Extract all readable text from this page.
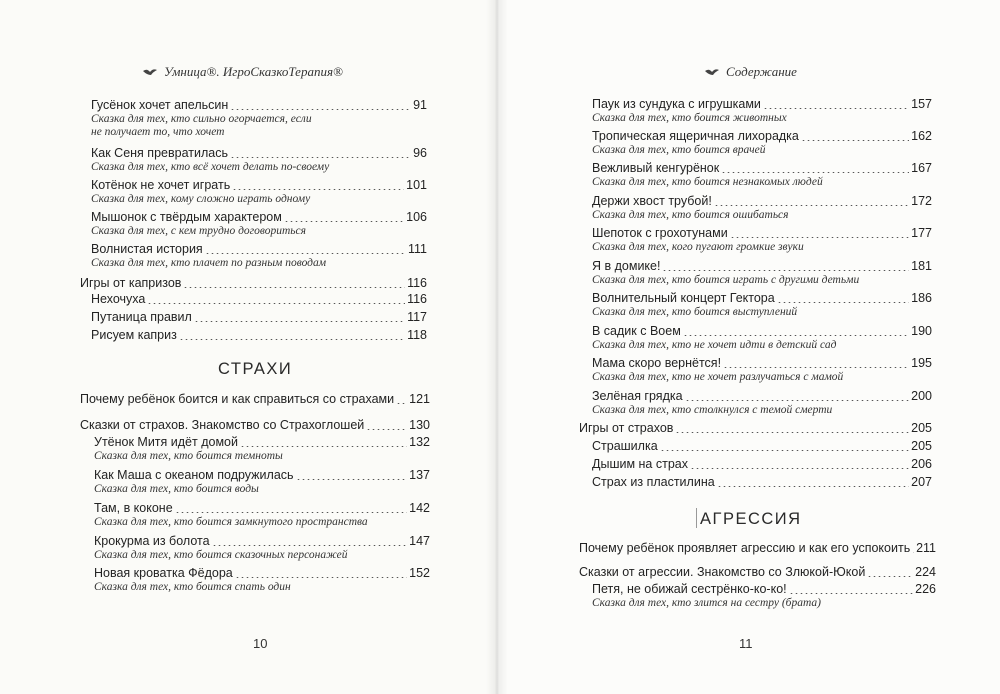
Умница®. ИгроСказкоТерапия®
Гусёнок хочет апельсин	91
Сказка для тех, кто сильно огорчается, если
не получает то, что хочет
Как Сеня превратилась	96
Сказка для тех, кто всё хочет делать по-своему
Котёнок не хочет играть	101
Сказка для тех, кому сложно играть одному
Мышонок с твёрдым характером	106
Сказка для тех, с кем трудно договориться
Волнистая история	111
Сказка для тех, кто плачет по разным поводам
Игры от капризов	116
Нехочуха	116
Путаница правил	117
Рисуем каприз	118
СТРАХИ
Почему ребёнок боится и как справиться со страхами 121
Сказки от страхов. Знакомство со Страхоглошей	130
Утёнок Митя идёт домой	132
Сказка для тех, кто боится темноты
Как Маша с океаном подружилась	137
Сказка для тех, кто боится воды
Там, в коконе	142
Сказка для тех, кто боится замкнутого пространства
Крокурма из болота	147
Сказка для тех, кто боится сказочных персонажей
Новая кроватка Фёдора	152
Сказка для тех, кто боится спать один
10
Содержание
Паук из сундука с игрушками	157
Сказка для тех, кто боится животных
Тропическая ящеричная лихорадка	162
Сказка для тех, кто боится врачей
Вежливый кенгурёнок	167
Сказка для тех, кто боится незнакомых людей
Держи хвост трубой!	172
Сказка для тех, кто боится ошибаться
Шепоток с грохотунами	177
Сказка для тех, кого пугают громкие звуки
Я в домике!	181
Сказка для тех, кто боится играть с другими детьми
Волнительный концерт Гектора	186
Сказка для тех, кто боится выступлений
В садик с Воем	190
Сказка для тех, кто не хочет идти в детский сад
Мама скоро вернётся!	195
Сказка для тех, кто не хочет разлучаться с мамой
Зелёная грядка	200
Сказка для тех, кто столкнулся с темой смерти
Игры от страхов	205
Страшилка	205
Дышим на страх	206
Страх из пластилина	207
АГРЕССИЯ
Почему ребёнок проявляет агрессию и как его успокоить 211
Сказки от агрессии. Знакомство со Злюкой-Юкой	224
Петя, не обижай сестрёнко-ко-ко!	226
Сказка для тех, кто злится на сестру (брата)
11
